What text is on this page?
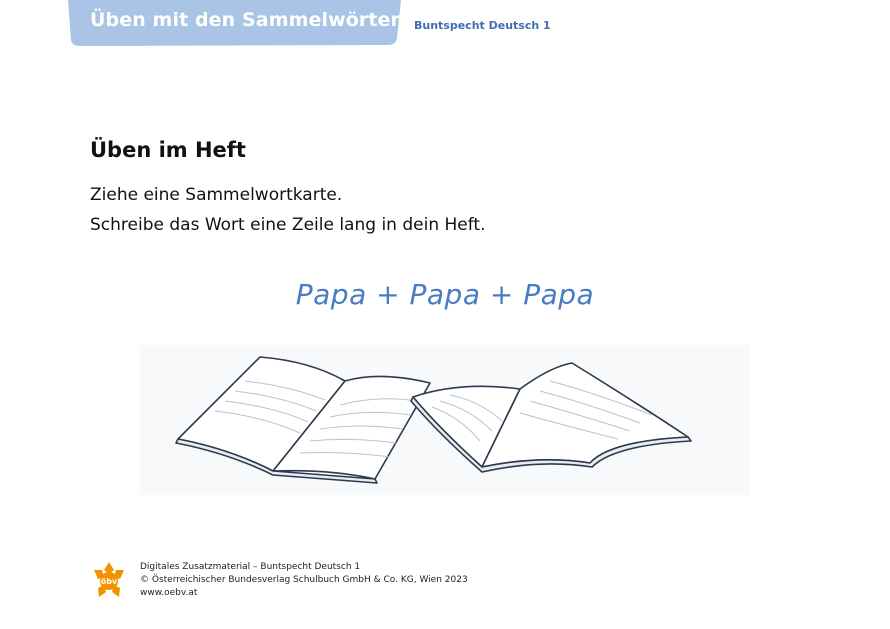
Üben mit den Sammelwörtern 1
Buntspecht Deutsch 1
Üben im Heft
Ziehe eine Sammelwortkarte.
Schreibe das Wort eine Zeile lang in dein Heft.
Papa + Papa + Papa
öbv
Digitales Zusatzmaterial – Buntspecht Deutsch 1
© Österreichischer Bundesverlag Schulbuch GmbH & Co. KG, Wien 2023
www.oebv.at
